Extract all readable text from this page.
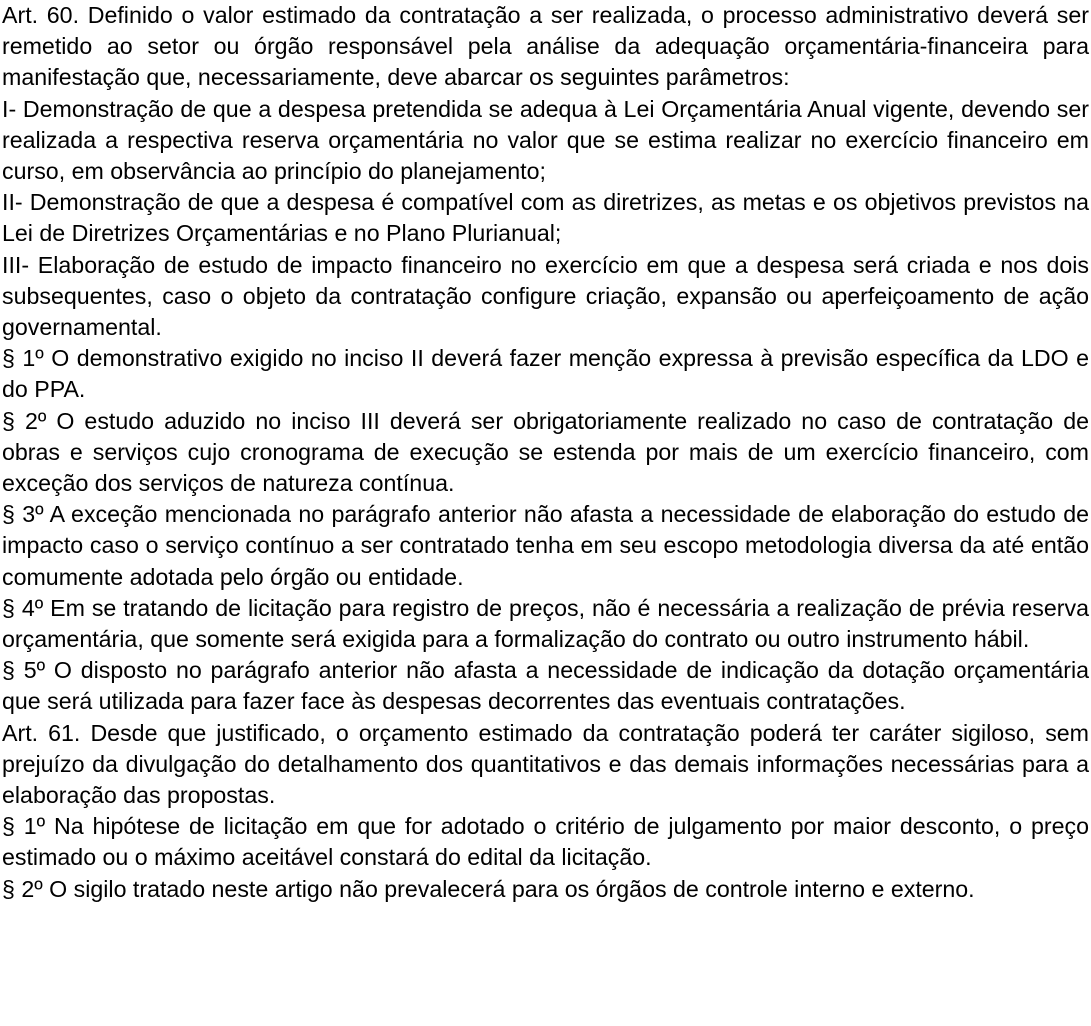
Art. 60. Definido o valor estimado da contratação a ser realizada, o processo administrativo deverá ser remetido ao setor ou órgão responsável pela análise da adequação orçamentária-financeira para manifestação que, necessariamente, deve abarcar os seguintes parâmetros:

I- Demonstração de que a despesa pretendida se adequa à Lei Orçamentária Anual vigente, devendo ser realizada a respectiva reserva orçamentária no valor que se estima realizar no exercício financeiro em curso, em observância ao princípio do planejamento;

II- Demonstração de que a despesa é compatível com as diretrizes, as metas e os objetivos previstos na Lei de Diretrizes Orçamentárias e no Plano Plurianual;

III- Elaboração de estudo de impacto financeiro no exercício em que a despesa será criada e nos dois subsequentes, caso o objeto da contratação configure criação, expansão ou aperfeiçoamento de ação governamental.

§ 1º O demonstrativo exigido no inciso II deverá fazer menção expressa à previsão específica da LDO e do PPA.

§ 2º O estudo aduzido no inciso III deverá ser obrigatoriamente realizado no caso de contratação de obras e serviços cujo cronograma de execução se estenda por mais de um exercício financeiro, com exceção dos serviços de natureza contínua.

§ 3º A exceção mencionada no parágrafo anterior não afasta a necessidade de elaboração do estudo de impacto caso o serviço contínuo a ser contratado tenha em seu escopo metodologia diversa da até então comumente adotada pelo órgão ou entidade.

§ 4º Em se tratando de licitação para registro de preços, não é necessária a realização de prévia reserva orçamentária, que somente será exigida para a formalização do contrato ou outro instrumento hábil.

§ 5º O disposto no parágrafo anterior não afasta a necessidade de indicação da dotação orçamentária que será utilizada para fazer face às despesas decorrentes das eventuais contratações.

Art. 61. Desde que justificado, o orçamento estimado da contratação poderá ter caráter sigiloso, sem prejuízo da divulgação do detalhamento dos quantitativos e das demais informações necessárias para a elaboração das propostas.

§ 1º Na hipótese de licitação em que for adotado o critério de julgamento por maior desconto, o preço estimado ou o máximo aceitável constará do edital da licitação.

§ 2º O sigilo tratado neste artigo não prevalecerá para os órgãos de controle interno e externo.
